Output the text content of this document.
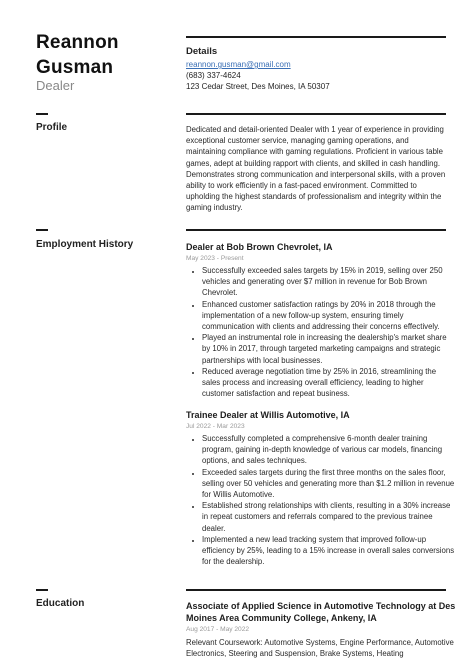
Reannon
Gusman
Dealer
Details
reannon.gusman@gmail.com
(683) 337-4624
123 Cedar Street, Des Moines, IA 50307
Profile	Dedicated and detail-oriented Dealer with 1 year of experience in providing exceptional customer service, managing gaming operations, and maintaining compliance with gaming regulations. Proficient in various table games, adept at building rapport with clients, and skilled in cash handling. Demonstrates strong communication and interpersonal skills, with a proven ability to work efficiently in a fast-paced environment. Committed to upholding the highest standards of professionalism and integrity within the gaming industry.
Employment History	Dealer at Bob Brown Chevrolet, IA
May 2023 - Present
• Successfully exceeded sales targets by 15% in 2019, selling over 250 vehicles and generating over $7 million in revenue for Bob Brown Chevrolet.
• Enhanced customer satisfaction ratings by 20% in 2018 through the implementation of a new follow-up system, ensuring timely communication with clients and addressing their concerns effectively.
• Played an instrumental role in increasing the dealership's market share by 10% in 2017, through targeted marketing campaigns and strategic partnerships with local businesses.
• Reduced average negotiation time by 25% in 2016, streamlining the sales process and increasing overall efficiency, leading to higher customer satisfaction and repeat business.
Trainee Dealer at Willis Automotive, IA
Jul 2022 - Mar 2023
• Successfully completed a comprehensive 6-month dealer training program, gaining in-depth knowledge of various car models, financing options, and sales techniques.
• Exceeded sales targets during the first three months on the sales floor, selling over 50 vehicles and generating more than $1.2 million in revenue for Willis Automotive.
• Established strong relationships with clients, resulting in a 30% increase in repeat customers and referrals compared to the previous trainee dealer.
• Implemented a new lead tracking system that improved follow-up efficiency by 25%, leading to a 15% increase in overall sales conversions for the dealership.
Education	Associate of Applied Science in Automotive Technology at Des Moines Area Community College, Ankeny, IA
Aug 2017 - May 2022
Relevant Coursework: Automotive Systems, Engine Performance, Automotive Electronics, Steering and Suspension, Brake Systems, Heating
